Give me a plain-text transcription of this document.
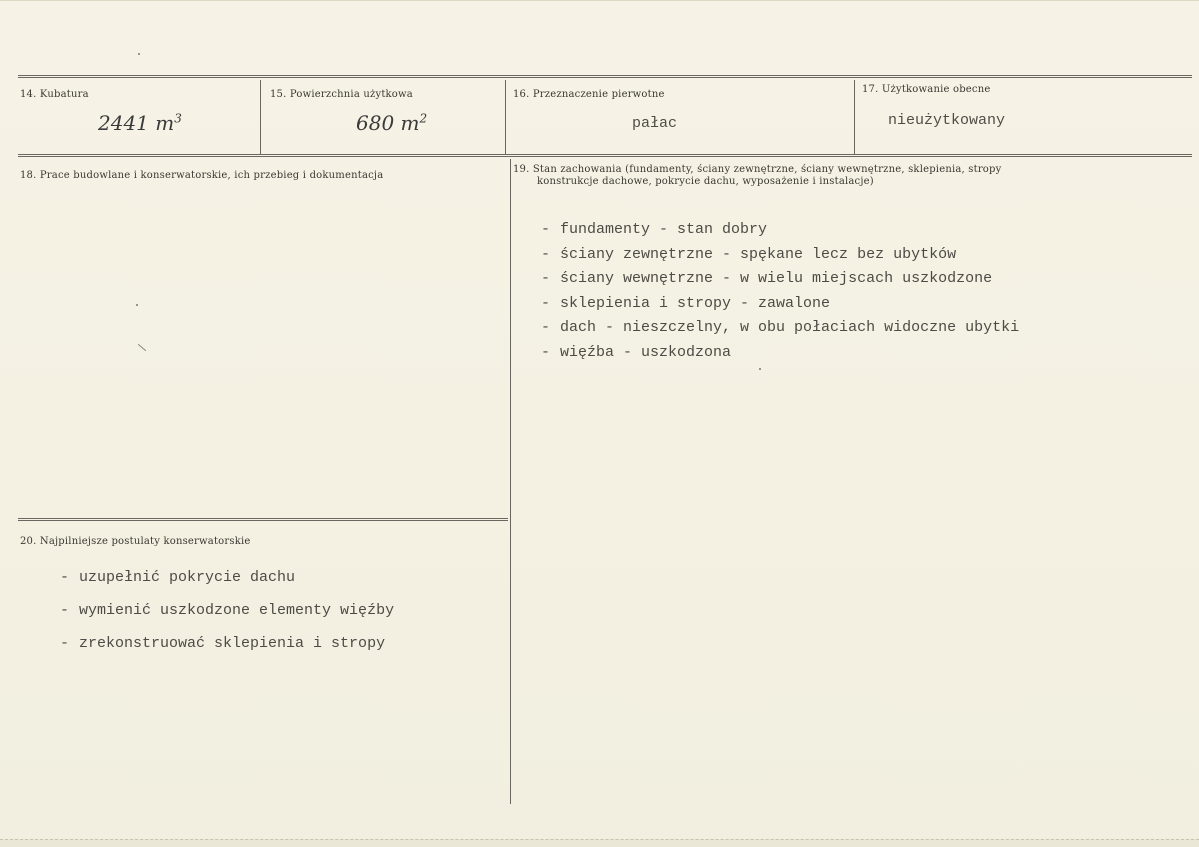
14. Kubatura
2441 $m^3$
15. Powierzchnia użytkowa
680 $m^2$
16. Przeznaczenie pierwotne
pałac
17. Użytkowanie obecne
nieużytkowany
18. Prace budowlane i konserwatorskie, ich przebieg i dokumentacja
19. Stan zachowania (fundamenty, ściany zewnętrzne, ściany wewnętrzne, sklepienia, stropy
konstrukcje dachowe, pokrycie dachu, wyposażenie i instalacje)
- fundamenty - stan dobry
- ściany zewnętrzne - spękane lecz bez ubytków
- ściany wewnętrzne - w wielu miejscach uszkodzone
- sklepienia i stropy - zawalone
- dach - nieszczelny, w obu połaciach widoczne ubytki
- więźba - uszkodzona
20. Najpilniejsze postulaty konserwatorskie
- uzupełnić pokrycie dachu
- wymienić uszkodzone elementy więźby
- zrekonstruować sklepienia i stropy
